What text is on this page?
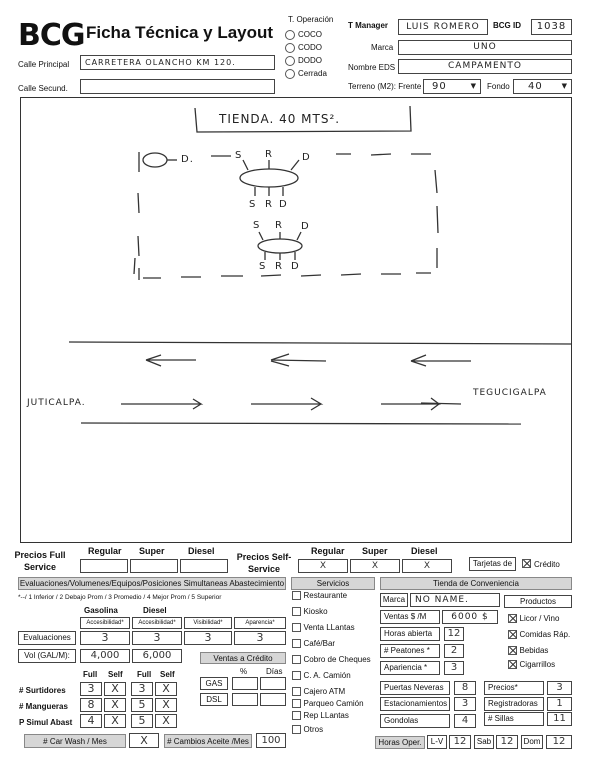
BCG Ficha Técnica y Layout
T. Operación
COCO
CODO
DODO
Cerrada
T Manager	LUIS ROMERO	BCG ID	1038
Marca	UNO
Nombre EDS	CAMPAMENTO
Terreno (M2): Frente	90	▼ Fondo	40	▼
Calle Principal	CARRETERA OLANCHO KM 120.
Calle Secund.
TIENDA. 40 MTS².
D.	S R	D
S R D
S R D
S R D
JUTICALPA.
TEGUCIGALPA
Precios Full Service
Regular Super	Diesel
Precios Self-Service
Regular Super	Diesel
X	X	X	Tarjetas de	Crédito
Evaluaciones/Volumenes/Equipos/Posiciones Simultaneas Abastecimiento
*--/ 1 Inferior / 2 Debajo Prom / 3 Promedio / 4 Mejor Prom / 5 Superior
Gasolina	Diesel
Accesibilidad*	Accesibilidad*	Visibilidad*	Aparencia*
Evaluaciones	3	3	3	3
Vol (GAL/M):	4,000	6,000	Ventas a Crédito
% Días
GAS
DSL
Full Self Full Self
# Surtidores	3	X	3	X
# Mangueras	8	X	5	X
P Simul Abast	4	X	5	X
# Car Wash / Mes	X	# Cambios Aceite /Mes	100
Servicios
Restaurante
Kiosko
Venta LLantas
Café/Bar
Cobro de Cheques
C. A. Camión
Cajero ATM
Parqueo Camión
Rep LLantas
Otros
Tienda de Conveniencia
Marca	NO NAME.	Productos
Ventas $ /M	6000 $
Horas abierta	12
# Peatones *	2
Apariencia *	3
Licor / Vino
Comidas Ráp.
Bebidas
Cigarrillos
Puertas Neveras	8	Precios*	3
Estacionamientos	3	Registradoras	1
Gondolas	4	# Sillas	11
Horas Oper.	L-V	12	Sab 12	Dom	12
